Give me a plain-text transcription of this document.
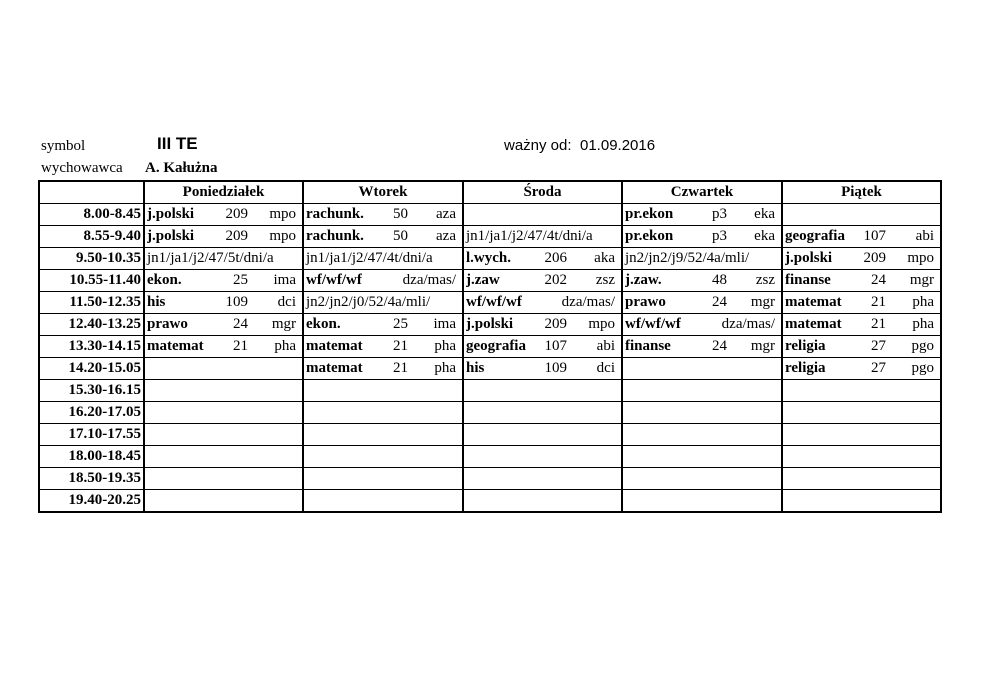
symbol	III TE	ważny od: 01.09.2016
wychowawca A. Kałużna
	Poniedziałek	Wtorek	Środa	Czwartek	Piątek
8.00-8.45	j.polski 209 mpo	rachunk. 50 aza		pr.ekon p3 eka	

8.55-9.40	j.polski 209 mpo	rachunk. 50 aza	jn1/ja1/j​2/47/4t/dni/a	pr.ekon p3 eka	geografia 107 abi

9.50-10.35	jn1/ja1/j​2/47/5t/dni/a	jn1/ja1/j​2/47/4t/dni/a	l.wych. 206 aka	jn2/jn2/j​9/52/4a/mli/	j.polski 209 mpo

10.55-11.40	ekon. 25 ima	wf/wf/wf dza/mas/	j.zaw 202 zsz	j.zaw. 48 zsz	finanse 24 mgr

11.50-12.35	his 109 dci	jn2/jn2/j​0/52/4a/mli/	wf/wf/wf dza/mas/	prawo 24 mgr	matemat 21 pha

12.40-13.25	prawo 24 mgr	ekon. 25 ima	j.polski 209 mpo	wf/wf/wf dza/mas/	matemat 21 pha

13.30-14.15	matemat 21 pha	matemat 21 pha	geografia 107 abi	finanse 24 mgr	religia 27 pgo

14.20-15.05		matemat 21 pha	his 109 dci		religia 27 pgo

15.30-16.15	

16.20-17.05	

17.10-17.55	

18.00-18.45	

18.50-19.35	

19.40-20.25	
